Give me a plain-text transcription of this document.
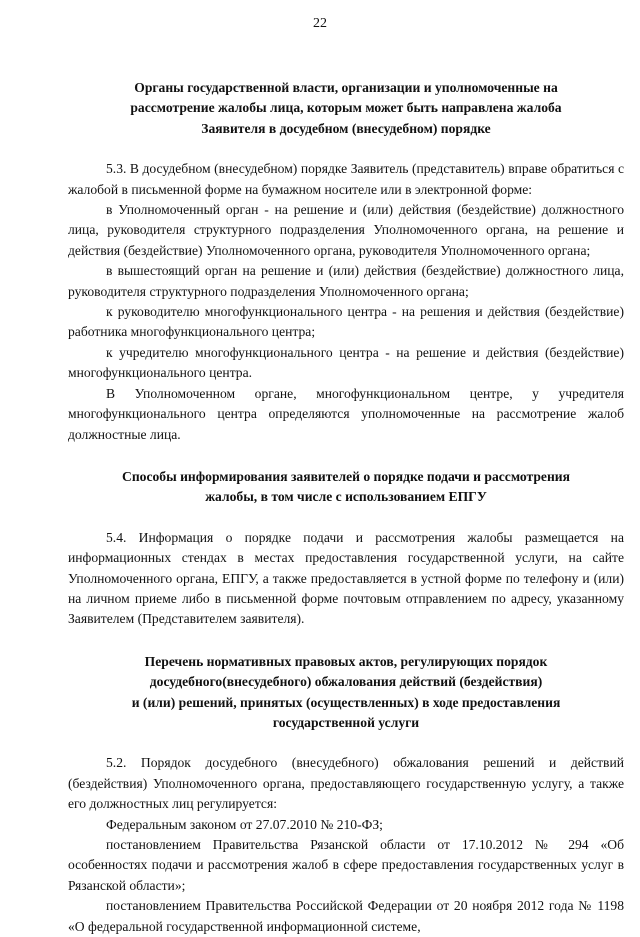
22
Органы государственной власти, организации и уполномоченные на
рассмотрение жалобы лица, которым может быть направлена жалоба
Заявителя в досудебном (внесудебном) порядке

5.3. В досудебном (внесудебном) порядке Заявитель (представитель) вправе обратиться с жалобой в письменной форме на бумажном носителе или в электронной форме:

в Уполномоченный орган - на решение и (или) действия (бездействие) должностного лица, руководителя структурного подразделения Уполномоченного органа, на решение и действия (бездействие) Уполномоченного органа, руководителя Уполномоченного органа;

в вышестоящий орган на решение и (или) действия (бездействие) должностного лица, руководителя структурного подразделения Уполномоченного органа;

к руководителю многофункционального центра - на решения и действия (бездействие) работника многофункционального центра;

к учредителю многофункционального центра - на решение и действия (бездействие) многофункционального центра.

В Уполномоченном органе, многофункциональном центре, у учредителя многофункционального центра определяются уполномоченные на рассмотрение жалоб должностные лица.

Способы информирования заявителей о порядке подачи и рассмотрения
жалобы, в том числе с использованием ЕПГУ

5.4. Информация о порядке подачи и рассмотрения жалобы размещается на информационных стендах в местах предоставления государственной услуги, на сайте Уполномоченного органа, ЕПГУ, а также предоставляется в устной форме по телефону и (или) на личном приеме либо в письменной форме почтовым отправлением по адресу, указанному Заявителем (Представителем заявителя).

Перечень нормативных правовых актов, регулирующих порядок
досудебного(внесудебного) обжалования действий (бездействия)
и (или) решений, принятых (осуществленных) в ходе предоставления
государственной услуги

5.2. Порядок досудебного (внесудебного) обжалования решений и действий (бездействия) Уполномоченного органа, предоставляющего государственную услугу, а также его должностных лиц регулируется:

Федеральным законом от 27.07.2010 № 210-ФЗ;

постановлением Правительства Рязанской области от 17.10.2012 № 294 «Об особенностях подачи и рассмотрения жалоб в сфере предоставления государственных услуг в Рязанской области»;

постановлением Правительства Российской Федерации от 20 ноября 2012 года № 1198 «О федеральной государственной информационной системе,
